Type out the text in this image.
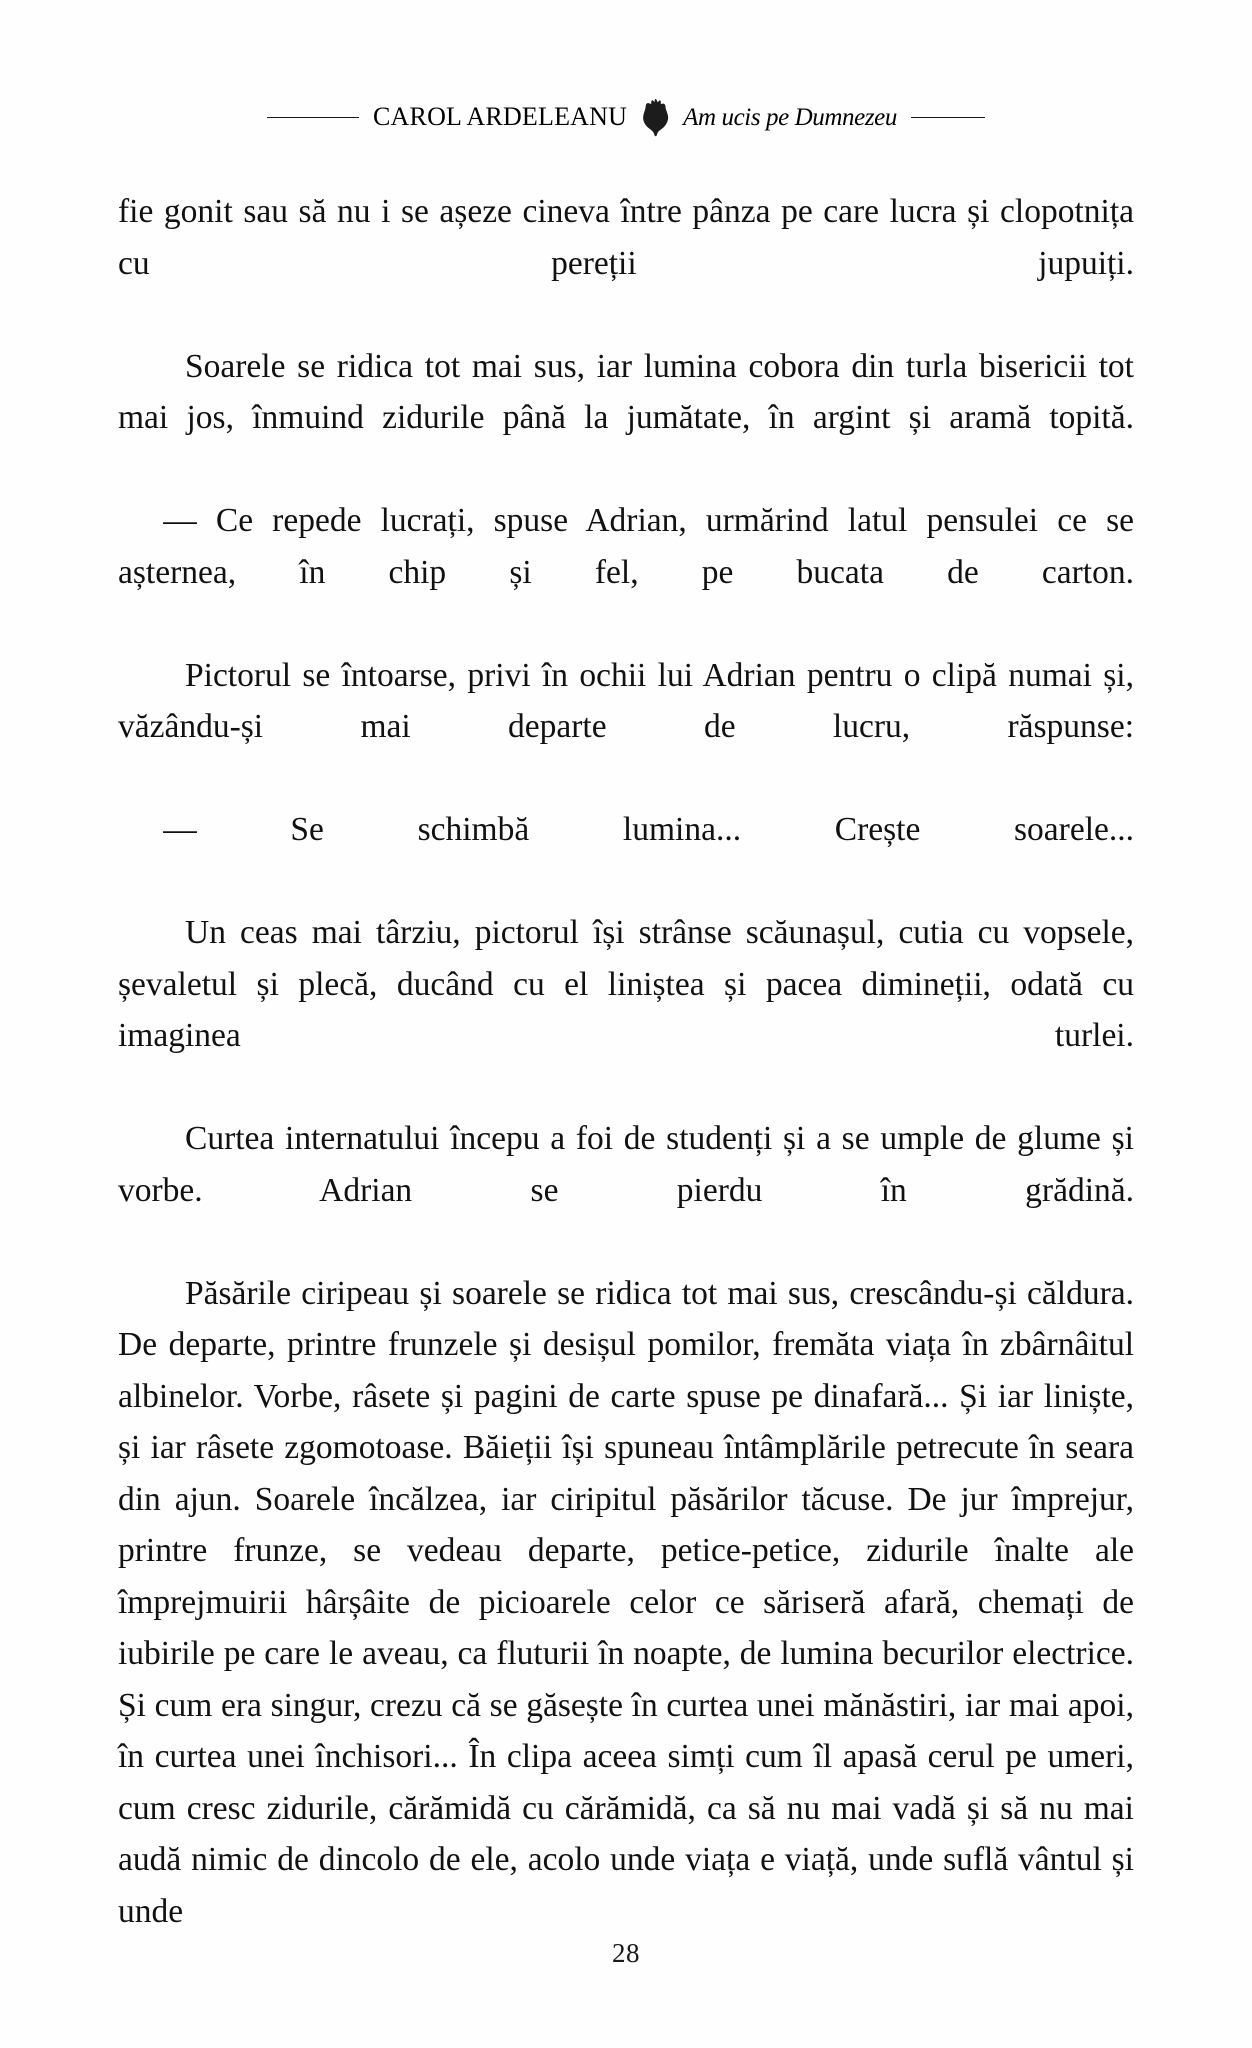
CAROL ARDELEANU Am ucis pe Dumnezeu

fie gonit sau să nu i se așeze cineva între pânza pe care lucra și clopotnița cu pereții jupuiți.

Soarele se ridica tot mai sus, iar lumina cobora din turla bisericii tot mai jos, înmuind zidurile până la jumătate, în argint și aramă topită.

— Ce repede lucrați, spuse Adrian, urmărind latul pensulei ce se așternea, în chip și fel, pe bucata de carton.

Pictorul se întoarse, privi în ochii lui Adrian pentru o clipă numai și, văzându-și mai departe de lucru, răspunse:

— Se schimbă lumina... Crește soarele...

Un ceas mai târziu, pictorul își strânse scăunașul, cutia cu vopsele, șevaletul și plecă, ducând cu el liniștea și pacea dimineții, odată cu imaginea turlei.

Curtea internatului începu a foi de studenți și a se umple de glume și vorbe. Adrian se pierdu în grădină.

Păsările ciripeau și soarele se ridica tot mai sus, crescându-și căldura. De departe, printre frunzele și desișul pomilor, fremăta viața în zbârnâitul albinelor. Vorbe, râsete și pagini de carte spuse pe dinafară... Și iar liniște, și iar râsete zgomotoase. Băieții își spuneau întâmplările petrecute în seara din ajun. Soarele încălzea, iar ciripitul păsărilor tăcuse. De jur împrejur, printre frunze, se vedeau departe, petice-petice, zidurile înalte ale împrejmuirii hârșâite de picioarele celor ce săriseră afară, chemați de iubirile pe care le aveau, ca fluturii în noapte, de lumina becurilor electrice. Și cum era singur, crezu că se găsește în curtea unei mănăstiri, iar mai apoi, în curtea unei închisori... În clipa aceea simți cum îl apasă cerul pe umeri, cum cresc zidurile, cărămidă cu cărămidă, ca să nu mai vadă și să nu mai audă nimic de dincolo de ele, acolo unde viața e viață, unde suflă vântul și unde

28
